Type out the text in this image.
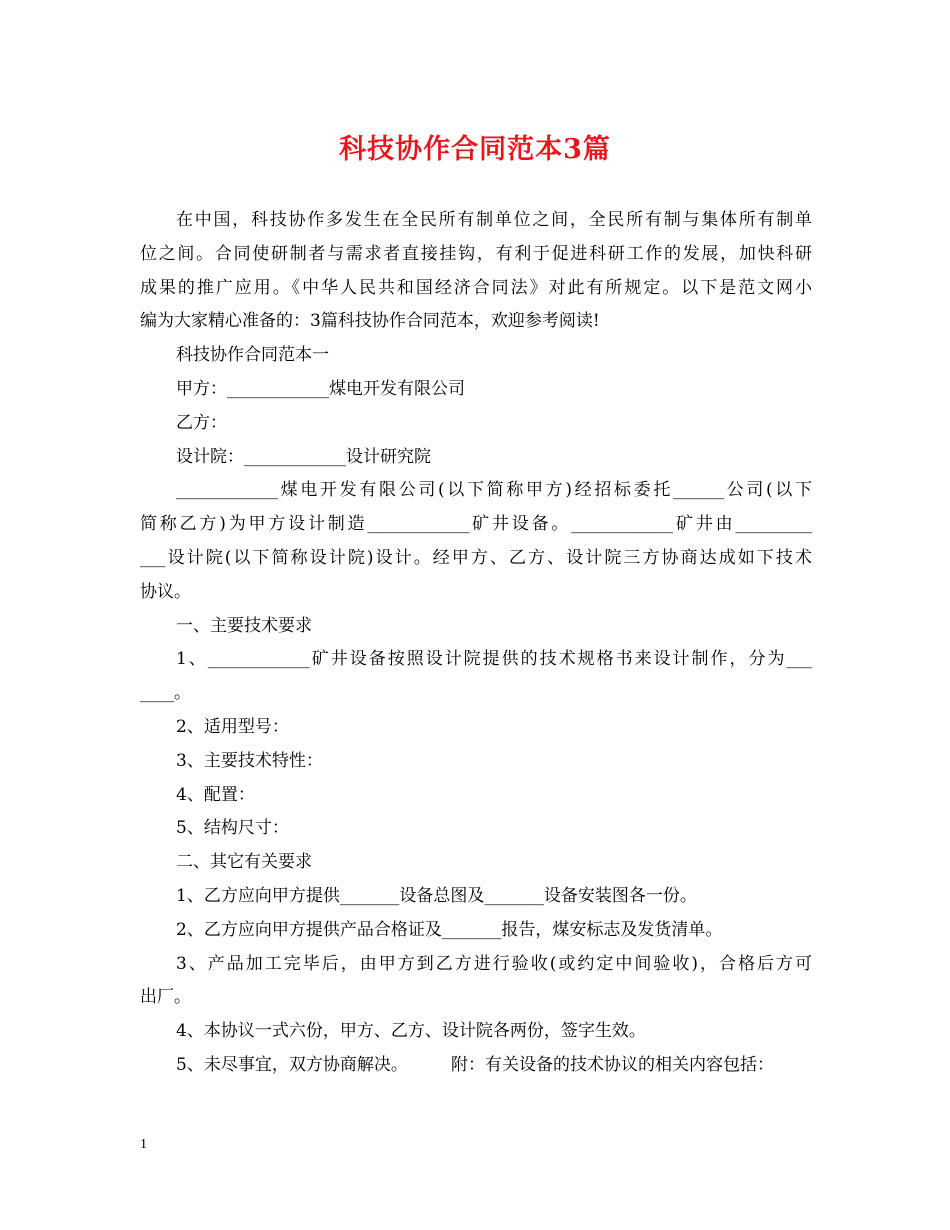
科技协作合同范本3篇

在中国，科技协作多发生在全民所有制单位之间，全民所有制与集体所有制单

位之间。合同使研制者与需求者直接挂钩，有利于促进科研工作的发展，加快科研

成果的推广应用。《中华人民共和国经济合同法》对此有所规定。以下是范文网小

编为大家精心准备的：3篇科技协作合同范本，欢迎参考阅读!

科技协作合同范本一

甲方：____________煤电开发有限公司

乙方：

设计院：____________设计研究院

____________煤电开发有限公司(以下简称甲方)经招标委托______公司(以下

简称乙方)为甲方设计制造____________矿井设备。____________矿井由_________

___设计院(以下简称设计院)设计。经甲方、乙方、设计院三方协商达成如下技术

协议。

一、主要技术要求

1、____________矿井设备按照设计院提供的技术规格书来设计制作，分为___

____。

2、适用型号：

3、主要技术特性：

4、配置：

5、结构尺寸：

二、其它有关要求

1、乙方应向甲方提供_______设备总图及_______设备安装图各一份。

2、乙方应向甲方提供产品合格证及_______报告，煤安标志及发货清单。

3、产品加工完毕后，由甲方到乙方进行验收(或约定中间验收)，合格后方可

出厂。

4、本协议一式六份，甲方、乙方、设计院各两份，签字生效。

5、未尽事宜，双方协商解决。        附：有关设备的技术协议的相关内容包括：

1
